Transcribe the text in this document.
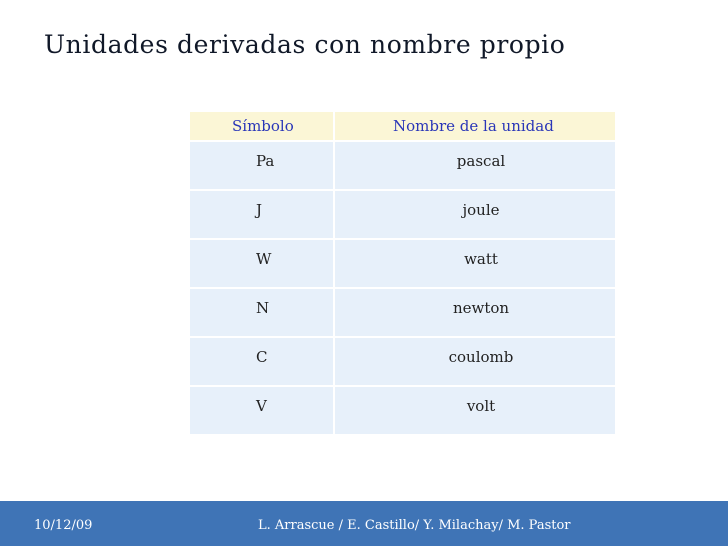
Unidades derivadas con nombre propio
Símbolo	Nombre de la unidad
Pa	pascal
J	joule
W	watt
N	newton
C	coulomb
V	volt
10/12/09	L. Arrascue / E. Castillo/ Y. Milachay/ M. Pastor
